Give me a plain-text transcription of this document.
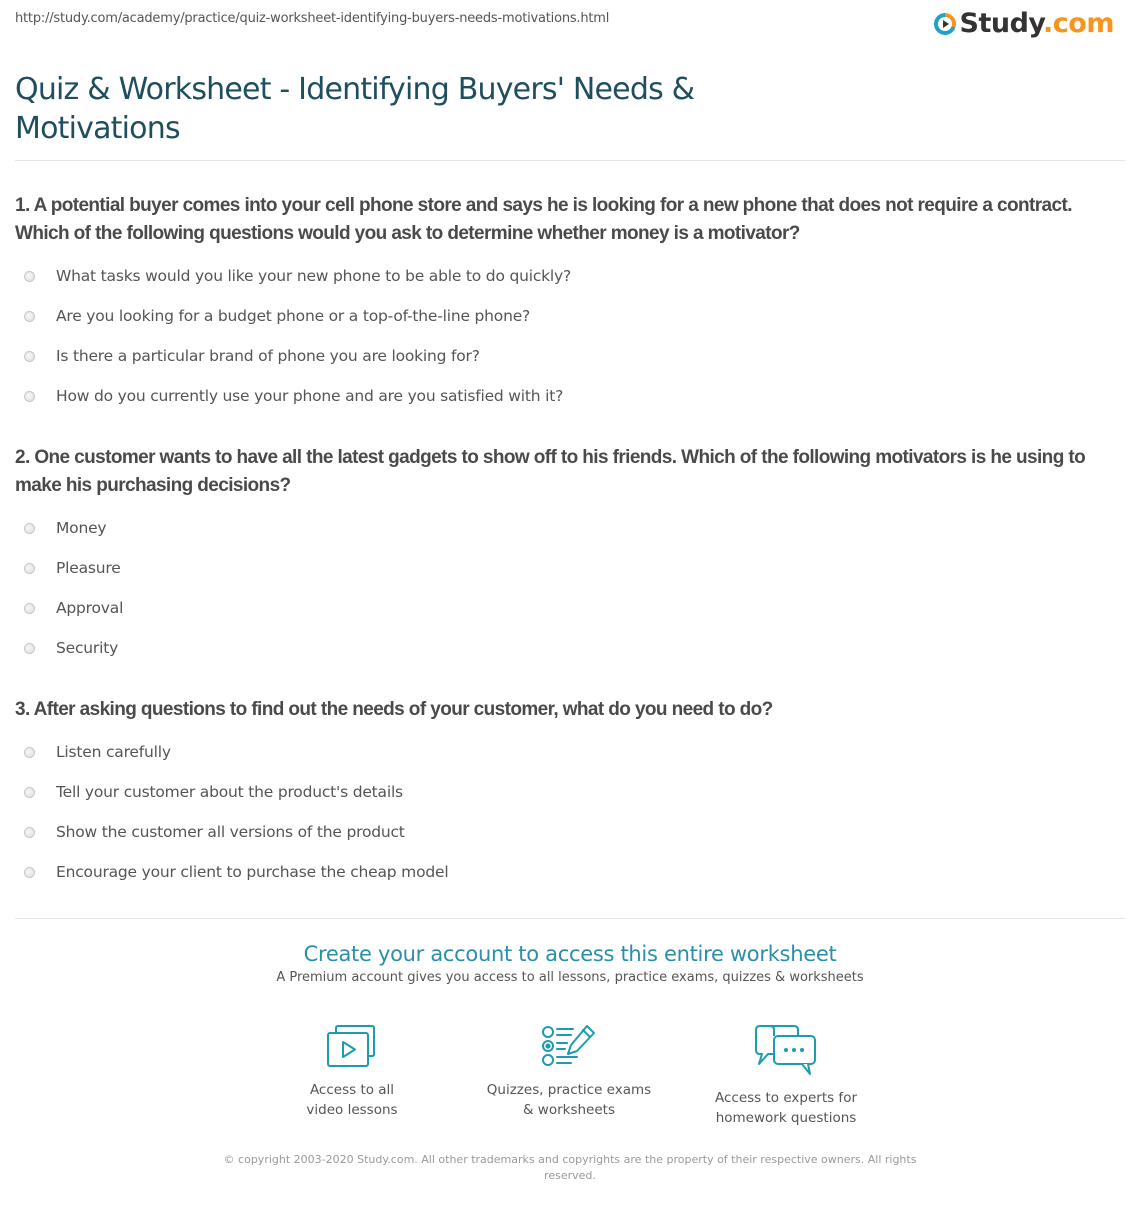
http://study.com/academy/practice/quiz-worksheet-identifying-buyers-needs-motivations.html	Study.com
Quiz & Worksheet - Identifying Buyers' Needs & Motivations
1. A potential buyer comes into your cell phone store and says he is looking for a new phone that does not require a contract. Which of the following questions would you ask to determine whether money is a motivator?
What tasks would you like your new phone to be able to do quickly?
Are you looking for a budget phone or a top-of-the-line phone?
Is there a particular brand of phone you are looking for?
How do you currently use your phone and are you satisfied with it?
2. One customer wants to have all the latest gadgets to show off to his friends. Which of the following motivators is he using to make his purchasing decisions?
Money
Pleasure
Approval
Security
3. After asking questions to find out the needs of your customer, what do you need to do?
Listen carefully
Tell your customer about the product's details
Show the customer all versions of the product
Encourage your client to purchase the cheap model
Create your account to access this entire worksheet
A Premium account gives you access to all lessons, practice exams, quizzes & worksheets
Access to all
video lessons
Quizzes, practice exams
& worksheets
Access to experts for
homework questions
© copyright 2003-2020 Study.com. All other trademarks and copyrights are the property of their respective owners. All rights reserved.
